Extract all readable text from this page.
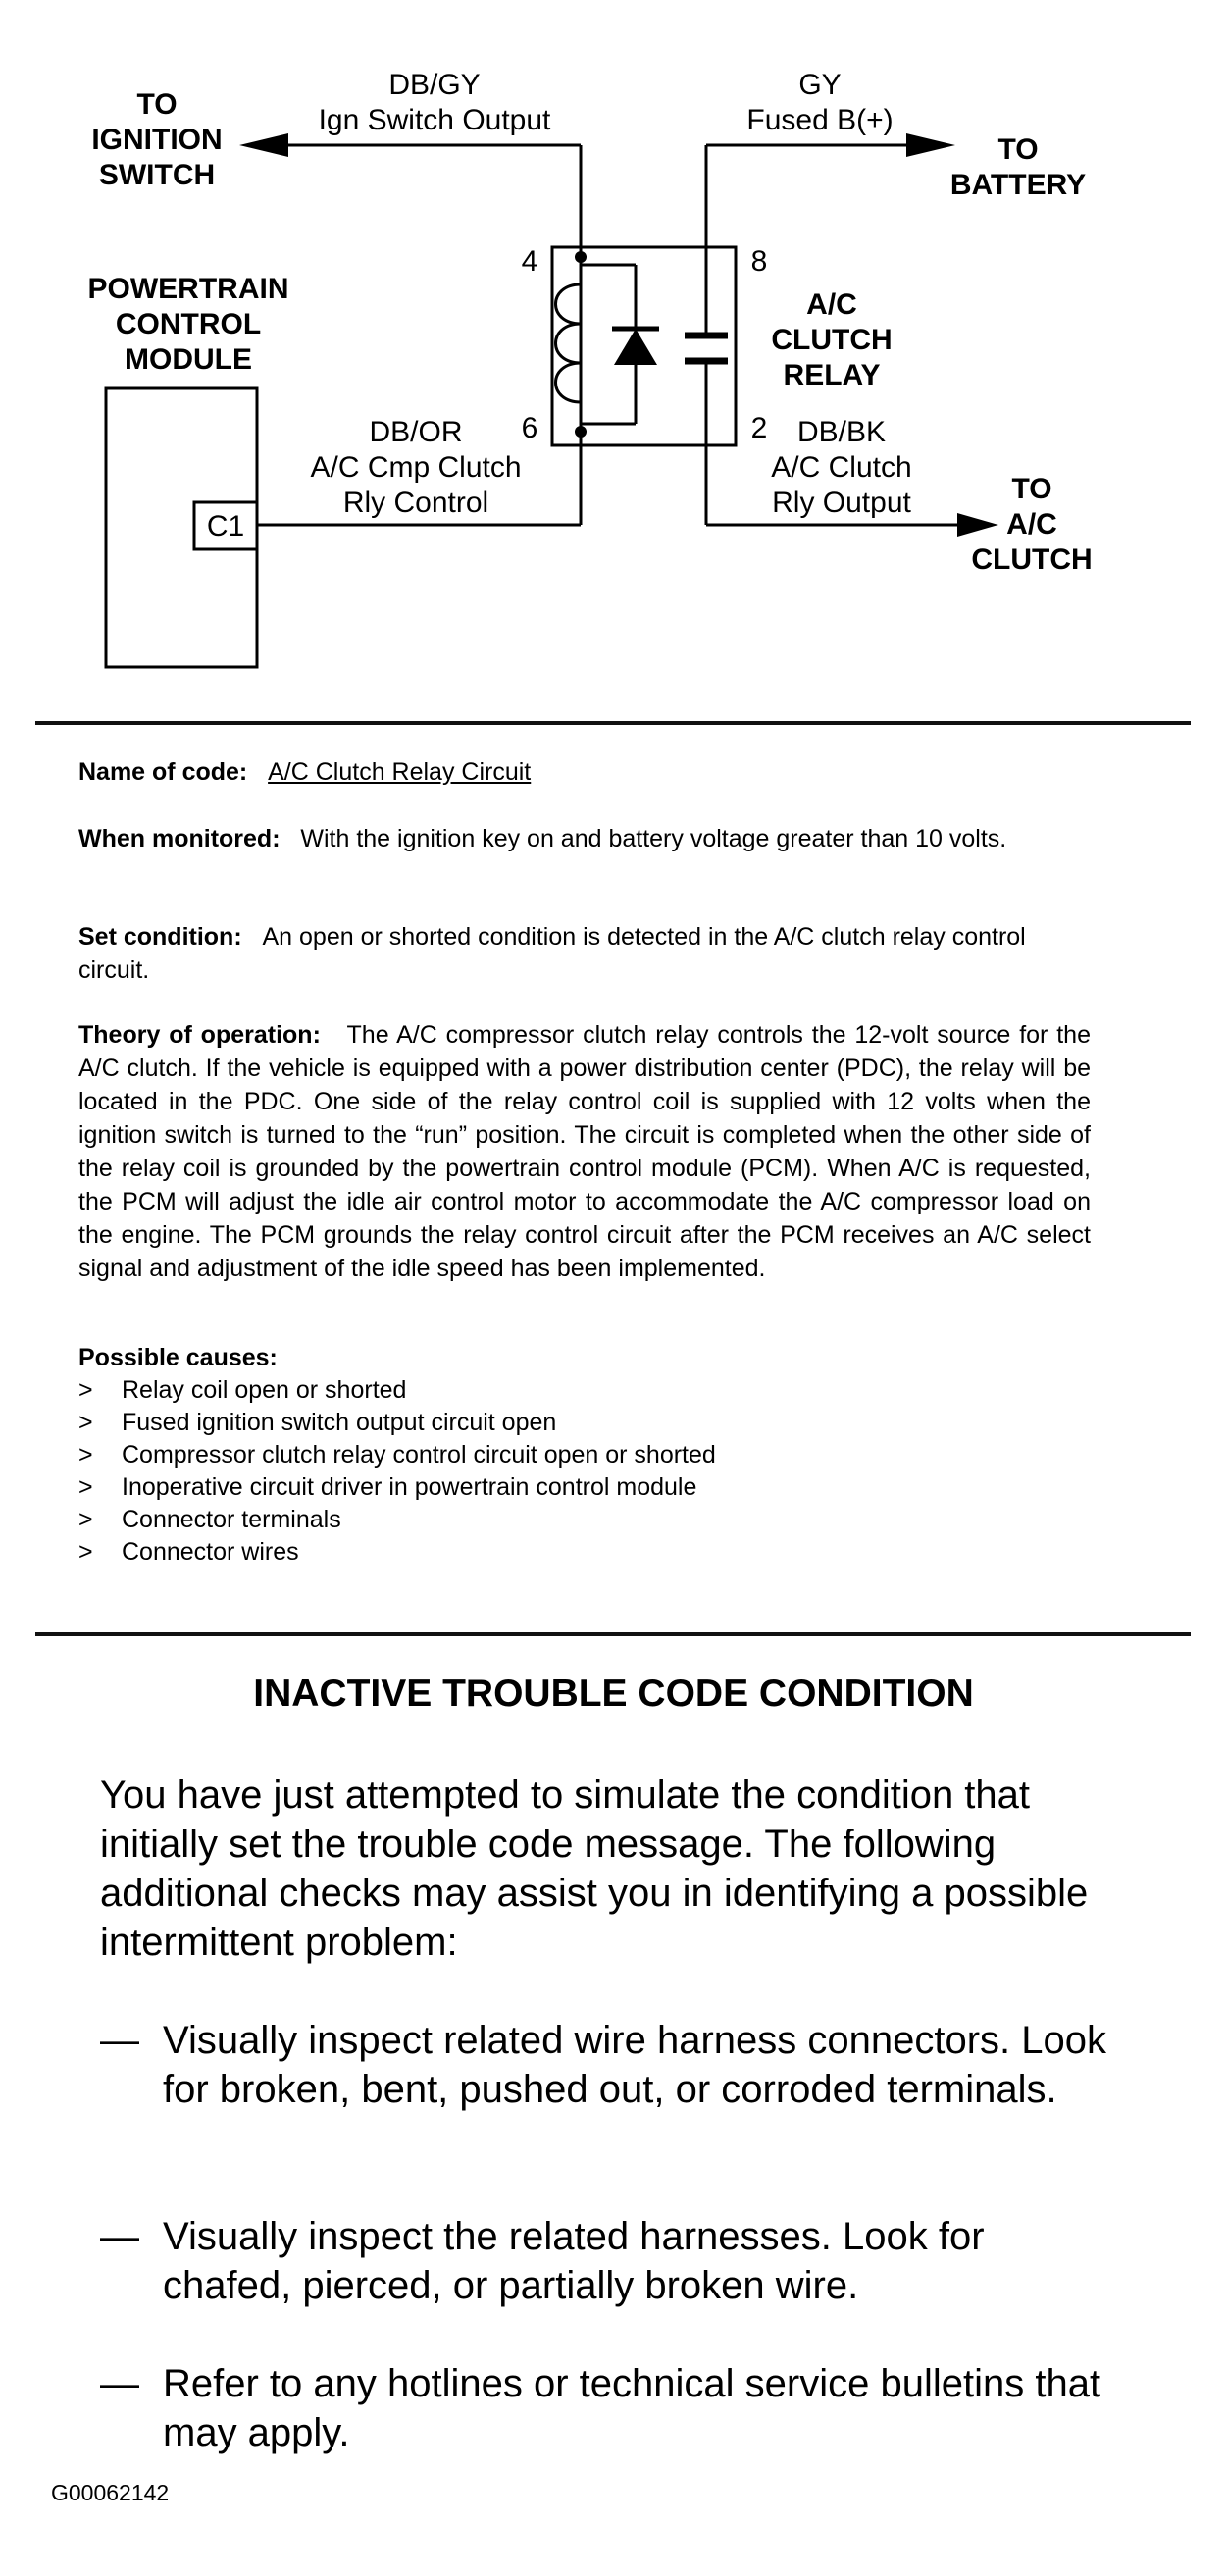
C1
TO
IGNITION
SWITCH
DB/GY
Ign Switch Output
GY
Fused B(+)
TO
BATTERY
4	8
6	2
POWERTRAIN
CONTROL
MODULE
A/C
CLUTCH
RELAY
DB/OR
A/C Cmp Clutch
Rly Control
DB/BK
A/C Clutch
Rly Output	TO
A/C
CLUTCH

Name of code: A/C Clutch Relay Circuit

When monitored: With the ignition key on and battery voltage greater than 10 volts.

Set condition: An open or shorted condition is detected in the A/C clutch relay control circuit.

Theory of operation: The A/C compressor clutch relay controls the 12-volt source for the A/C clutch. If the vehicle is equipped with a power distribution center (PDC), the relay will be located in the PDC. One side of the relay control coil is supplied with 12 volts when the ignition switch is turned to the “run” position. The circuit is completed when the other side of the relay coil is grounded by the powertrain control module (PCM). When A/C is requested, the PCM will adjust the idle air control motor to accommodate the A/C compressor load on the engine. The PCM grounds the relay control circuit after the PCM receives an A/C select signal and adjustment of the idle speed has been implemented.

Possible causes:

> Relay coil open or shorted
> Fused ignition switch output circuit open
> Compressor clutch relay control circuit open or shorted
> Inoperative circuit driver in powertrain control module
> Connector terminals
> Connector wires
INACTIVE TROUBLE CODE CONDITION
You have just attempted to simulate the condition that initially set the trouble code message. The following additional checks may assist you in identifying a possible intermittent problem:
— Visually inspect related wire harness connectors. Look for broken, bent, pushed out, or corroded terminals.
— Visually inspect the related harnesses. Look for chafed, pierced, or partially broken wire.
— Refer to any hotlines or technical service bulletins that may apply.
G00062142
